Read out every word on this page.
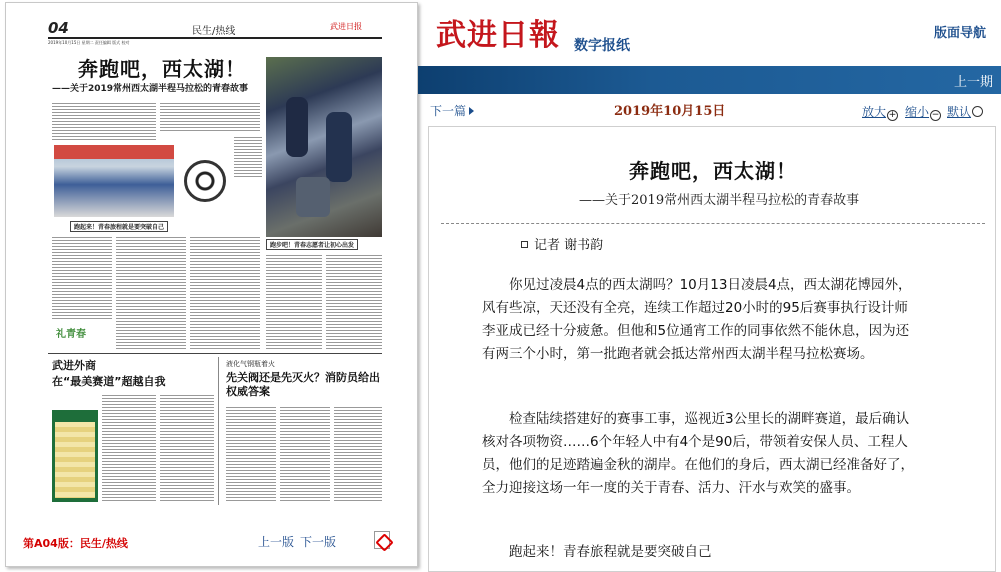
04	民生/热线	武进日报
2019年10月15日 星期二 责任编辑 版式 校对
奔跑吧，西太湖！
——关于2019常州西太湖半程马拉松的青春故事
跑起来！青春旅程就是要突破自己
跑步吧！青春志愿者让初心出发
礼青春
武进外商
在“最美赛道”超越自我
液化气钢瓶着火
先关阀还是先灭火？消防员给出权威答案
第A04版：民生/热线	上一版 下一版
武进日報 数字报纸
版面导航
上一期
下一篇	2019年10月15日	放大 + 缩小 − 默认
奔跑吧，西太湖！
——关于2019常州西太湖半程马拉松的青春故事
记者 谢书韵

你见过凌晨4点的西太湖吗？10月13日凌晨4点，西太湖花博园外，风有些凉，天还没有全亮，连续工作超过20小时的95后赛事执行设计师李亚成已经十分疲惫。但他和5位通宵工作的同事依然不能休息，因为还有两三个小时，第一批跑者就会抵达常州西太湖半程马拉松赛场。

检查陆续搭建好的赛事工事，巡视近3公里长的湖畔赛道，最后确认核对各项物资……6个年轻人中有4个是90后，带领着安保人员、工程人员，他们的足迹踏遍金秋的湖岸。在他们的身后，西太湖已经准备好了，全力迎接这场一年一度的关于青春、活力、汗水与欢笑的盛事。

跑起来！青春旅程就是要突破自己
